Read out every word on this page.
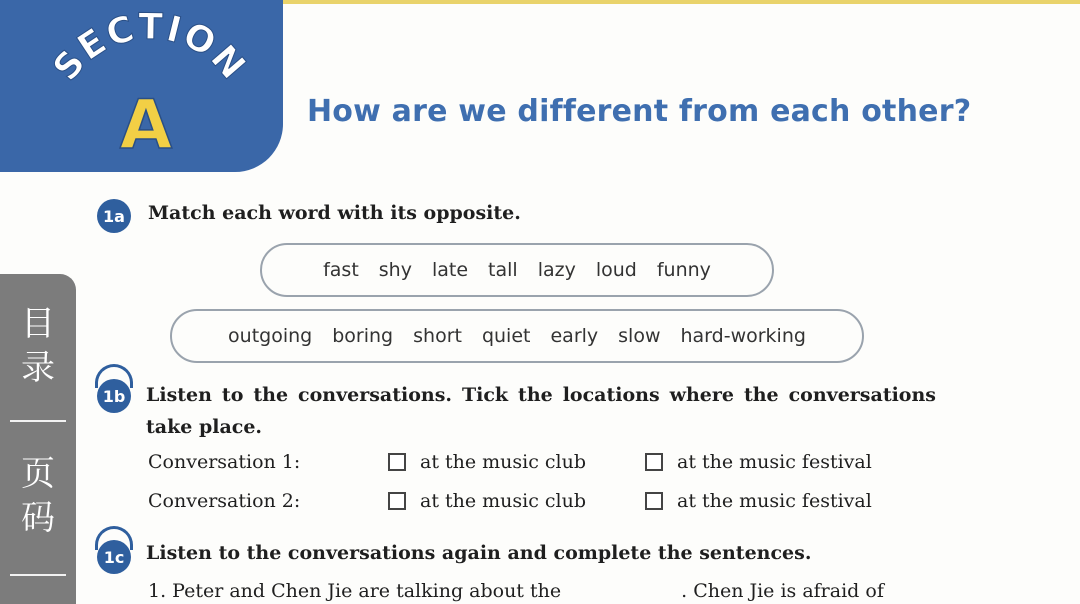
SECTION
A	How are we different from each other?
1a	Match each word with its opposite.
fast shy late tall lazy loud funny
outgoing boring short quiet early slow hard-working
1b	Listen to the conversations. Tick the locations where the conversations take place.
Conversation 1:	at the music club	at the music festival
Conversation 2:	at the music club	at the music festival
1c	Listen to the conversations again and complete the sentences.
1. Peter and Chen Jie are talking about the	. Chen Jie is afraid of
目录
页码
